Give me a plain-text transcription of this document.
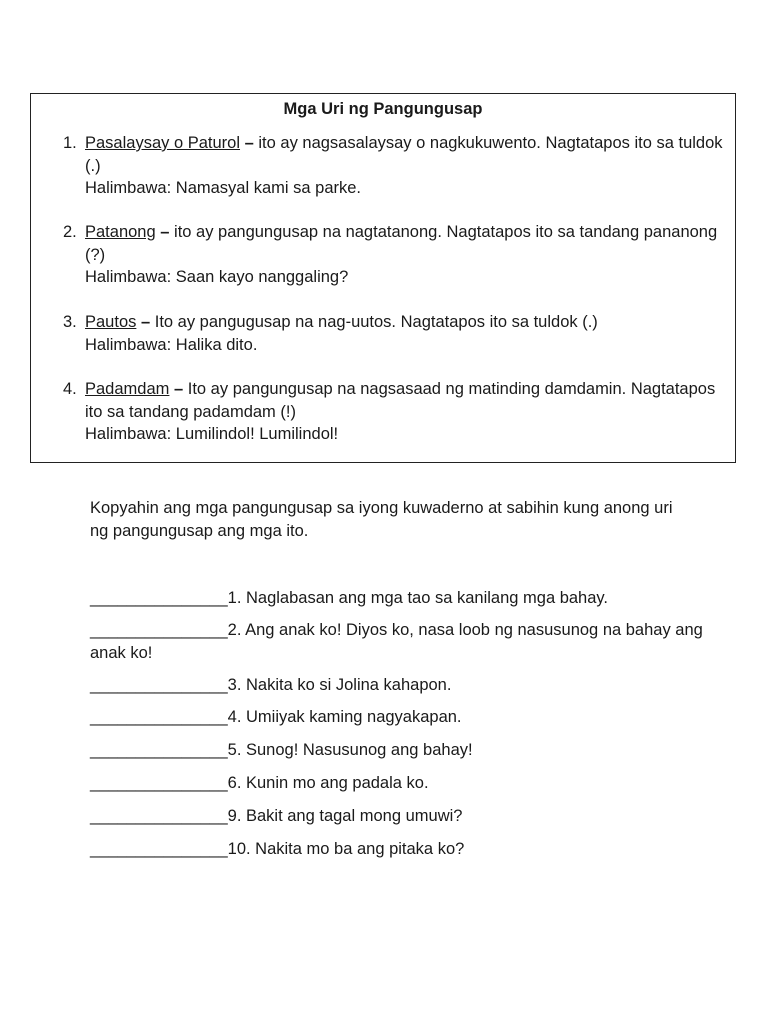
Mga Uri ng Pangungusap
1. Pasalaysay o Paturol – ito ay nagsasalaysay o nagkukuwento. Nagtatapos ito sa tuldok (.)
Halimbawa: Namasyal kami sa parke.
2. Patanong – ito ay pangungusap na nagtatanong. Nagtatapos ito sa tandang pananong (?)
Halimbawa: Saan kayo nanggaling?
3. Pautos – Ito ay pangugusap na nag-uutos. Nagtatapos ito sa tuldok (.)
Halimbawa: Halika dito.
4. Padamdam – Ito ay pangungusap na nagsasaad ng matinding damdamin. Nagtatapos ito sa tandang padamdam (!)
Halimbawa: Lumilindol! Lumilindol!
Kopyahin ang mga pangungusap sa iyong kuwaderno at sabihin kung anong uri ng pangungusap ang mga ito.
_______________1. Naglabasan ang mga tao sa kanilang mga bahay.
_______________2. Ang anak ko! Diyos ko, nasa loob ng nasusunog na bahay ang anak ko!
_______________3. Nakita ko si Jolina kahapon.
_______________4. Umiiyak kaming nagyakapan.
_______________5. Sunog! Nasusunog ang bahay!
_______________6. Kunin mo ang padala ko.
_______________9. Bakit ang tagal mong umuwi?
_______________10. Nakita mo ba ang pitaka ko?
